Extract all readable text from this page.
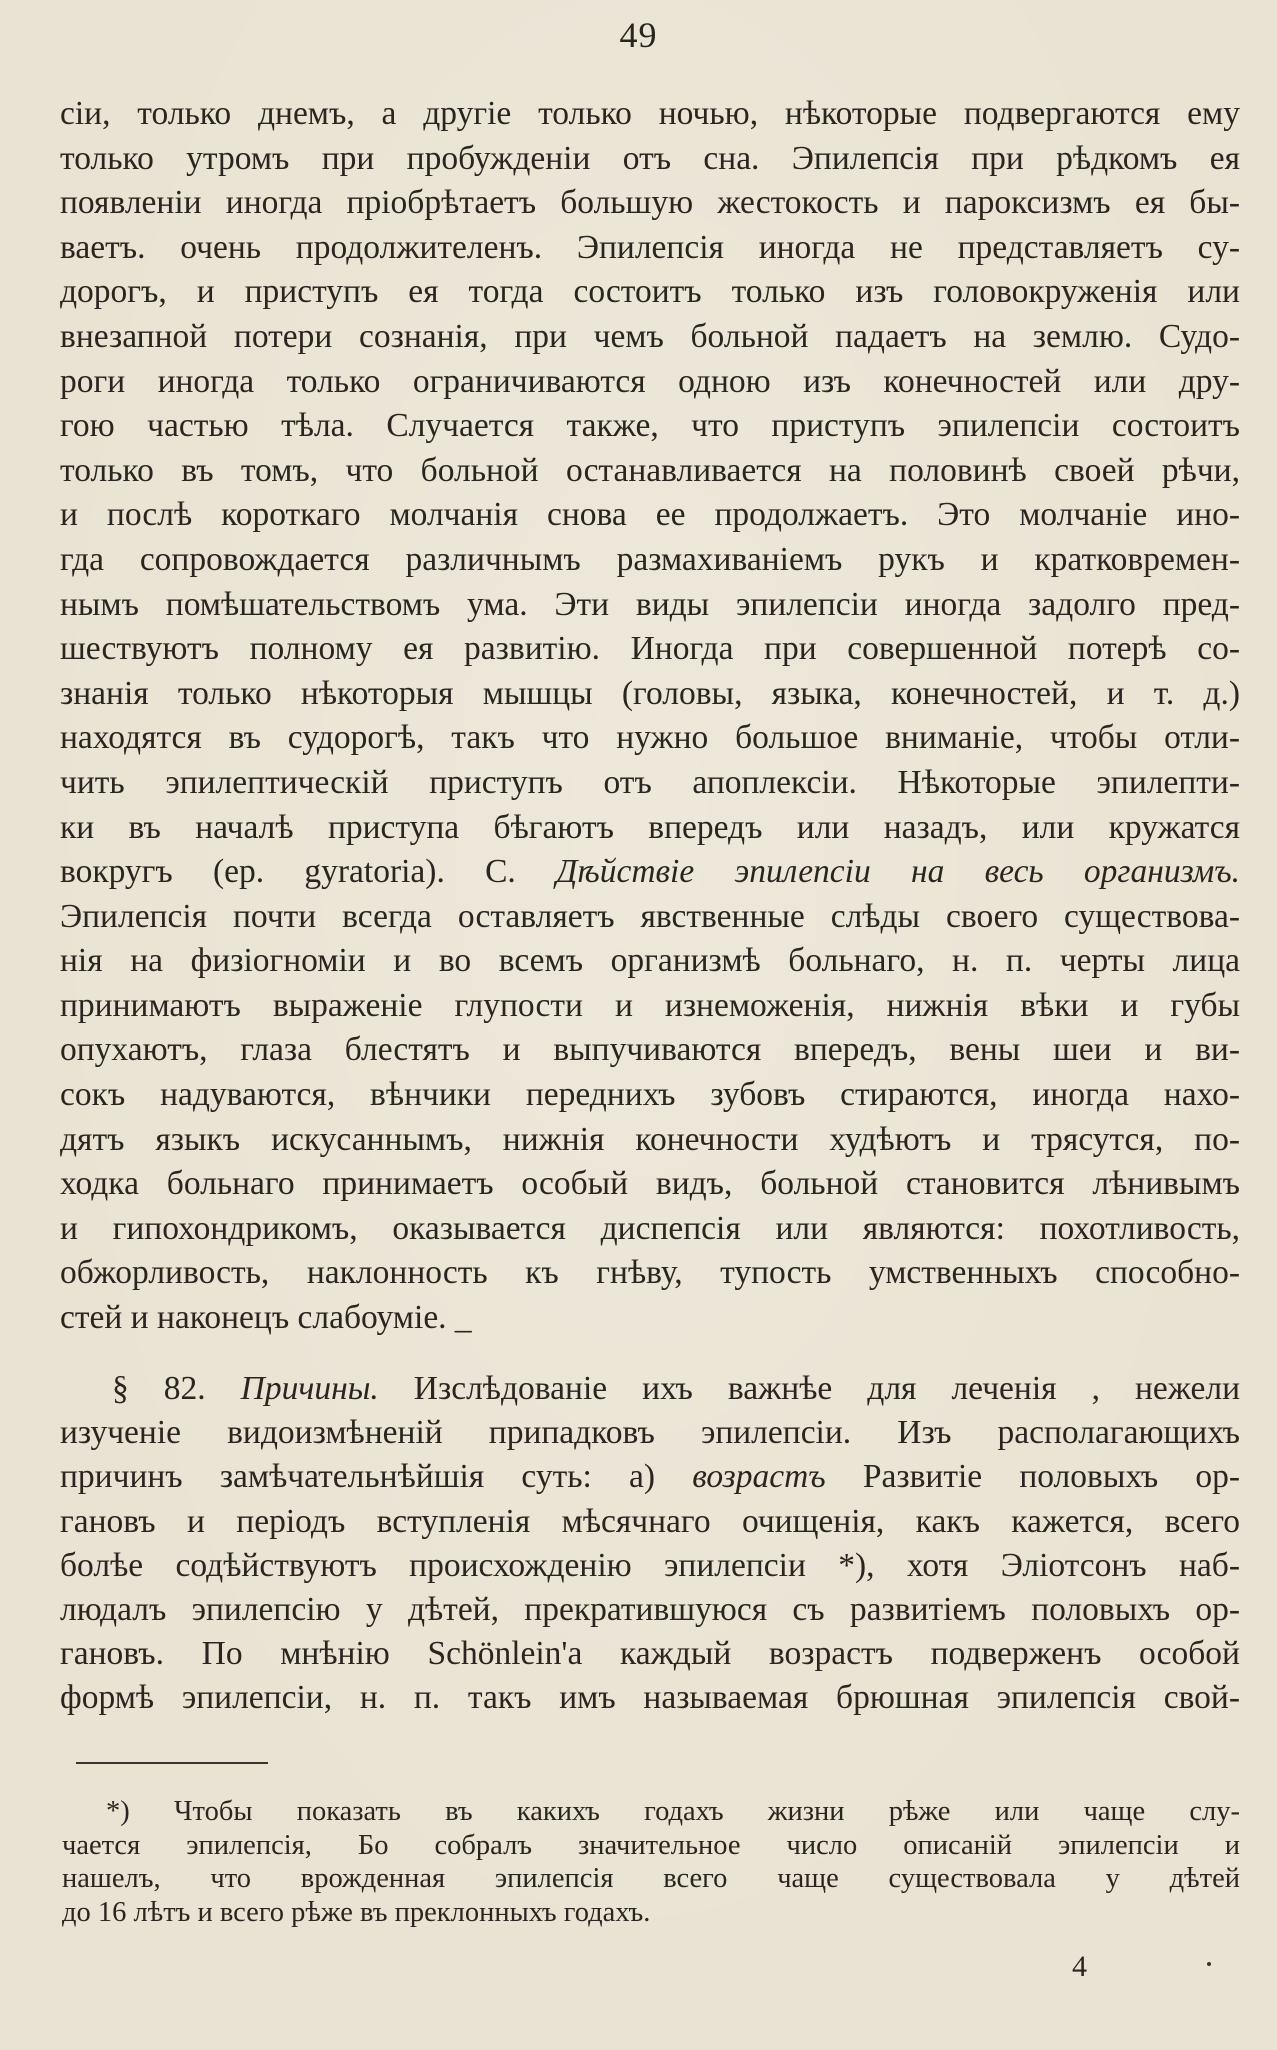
49
сіи, только днемъ, а другіе только ночью, нѣкоторые подвергаются ему
только утромъ при пробужденіи отъ сна. Эпилепсія при рѣдкомъ ея
появленіи иногда пріобрѣтаетъ большую жестокость и пароксизмъ ея бы-
ваетъ. очень продолжителенъ. Эпилепсія иногда не представляетъ су-
дорогъ, и приступъ ея тогда состоитъ только изъ головокруженія или
внезапной потери сознанія, при чемъ больной падаетъ на землю. Судо-
роги иногда только ограничиваются одною изъ конечностей или дру-
гою частью тѣла. Случается также, что приступъ эпилепсіи состоитъ
только въ томъ, что больной останавливается на половинѣ своей рѣчи,
и послѣ короткаго молчанія снова ее продолжаетъ. Это молчаніе ино-
гда сопровождается различнымъ размахиваніемъ рукъ и кратковремен-
нымъ помѣшательствомъ ума. Эти виды эпилепсіи иногда задолго пред-
шествуютъ полному ея развитію. Иногда при совершенной потерѣ со-
знанія только нѣкоторыя мышцы (головы, языка, конечностей, и т. д.)
находятся въ судорогѣ, такъ что нужно большое вниманіе, чтобы отли-
чить эпилептическій приступъ отъ апоплексіи. Нѣкоторые эпилепти-
ки въ началѣ приступа бѣгаютъ впередъ или назадъ, или кружатся
вокругъ (ер. gyratoria). С. Дѣйствіе эпилепсіи на весь организмъ.
Эпилепсія почти всегда оставляетъ явственные слѣды своего существова-
нія на физіогноміи и во всемъ организмѣ больнаго, н. п. черты лица
принимаютъ выраженіе глупости и изнеможенія, нижнія вѣки и губы
опухаютъ, глаза блестятъ и выпучиваются впередъ, вены шеи и ви-
сокъ надуваются, вѣнчики переднихъ зубовъ стираются, иногда нахо-
дятъ языкъ искусаннымъ, нижнія конечности худѣютъ и трясутся, по-
ходка больнаго принимаетъ особый видъ, больной становится лѣнивымъ
и гипохондрикомъ, оказывается диспепсія или являются: похотливость,
обжорливость, наклонность къ гнѣву, тупость умственныхъ способно-
стей и наконецъ слабоуміе. _
§ 82. Причины. Изслѣдованіе ихъ важнѣе для леченія , нежели
изученіе видоизмѣненій припадковъ эпилепсіи. Изъ располагающихъ
причинъ замѣчательнѣйшія суть: а) возрастъ Развитіе половыхъ ор-
гановъ и періодъ вступленія мѣсячнаго очищенія, какъ кажется, всего
болѣе содѣйствуютъ происхожденію эпилепсіи *), хотя Эліотсонъ наб-
людалъ эпилепсію у дѣтей, прекратившуюся съ развитіемъ половыхъ ор-
гановъ. По мнѣнію Schönlein'а каждый возрастъ подверженъ особой
формѣ эпилепсіи, н. п. такъ имъ называемая брюшная эпилепсія свой-
*) Чтобы показать въ какихъ годахъ жизни рѣже или чаще слу-
чается эпилепсія, Бо собралъ значительное число описаній эпилепсіи и
нашелъ, что врожденная эпилепсія всего чаще существовала у дѣтей
до 16 лѣтъ и всего рѣже въ преклонныхъ годахъ.
4
